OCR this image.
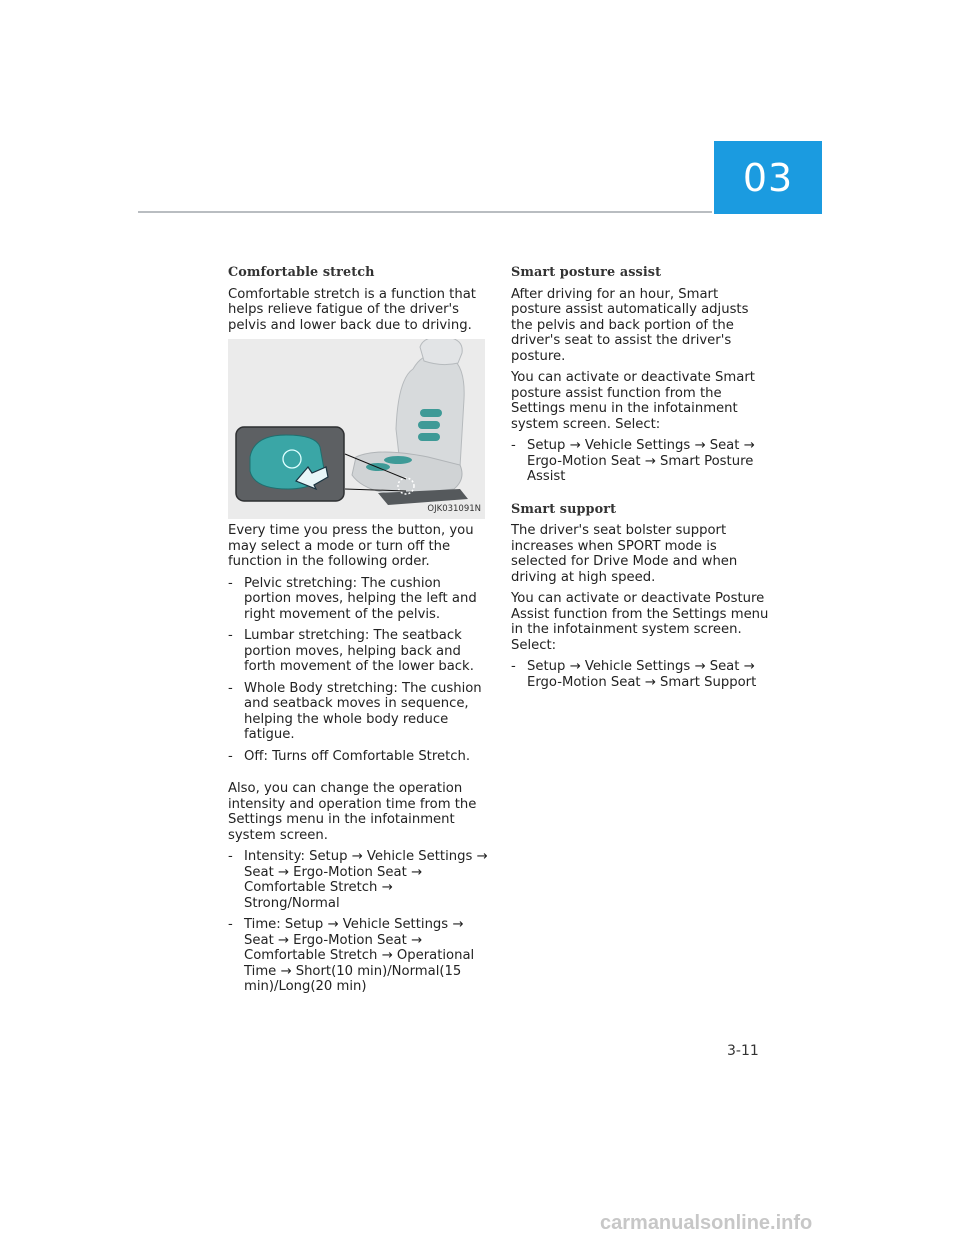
03
Comfortable stretch

Comfortable stretch is a function that helps relieve fatigue of the driver's pelvis and lower back due to driving.

OJK031091N

Every time you press the button, you may select a mode or turn off the function in the following order.

- Pelvic stretching: The cushion portion moves, helping the left and right movement of the pelvis.
- Lumbar stretching: The seatback portion moves, helping back and forth movement of the lower back.
- Whole Body stretching: The cushion and seatback moves in sequence, helping the whole body reduce fatigue.
- Off: Turns off Comfortable Stretch.

Also, you can change the operation intensity and operation time from the Settings menu in the infotainment system screen.

- Intensity: Setup → Vehicle Settings → Seat → Ergo-Motion Seat → Comfortable Stretch → Strong/Normal
- Time: Setup → Vehicle Settings → Seat → Ergo-Motion Seat → Comfortable Stretch → Operational Time → Short(10 min)/Normal(15 min)/Long(20 min)
Smart posture assist

After driving for an hour, Smart posture assist automatically adjusts the pelvis and back portion of the driver's seat to assist the driver's posture.

You can activate or deactivate Smart posture assist function from the Settings menu in the infotainment system screen. Select:

- Setup → Vehicle Settings → Seat → Ergo-Motion Seat → Smart Posture Assist
Smart support

The driver's seat bolster support increases when SPORT mode is selected for Drive Mode and when driving at high speed.

You can activate or deactivate Posture Assist function from the Settings menu in the infotainment system screen. Select:

- Setup → Vehicle Settings → Seat → Ergo-Motion Seat → Smart Support
3-11
carmanualsonline.info
